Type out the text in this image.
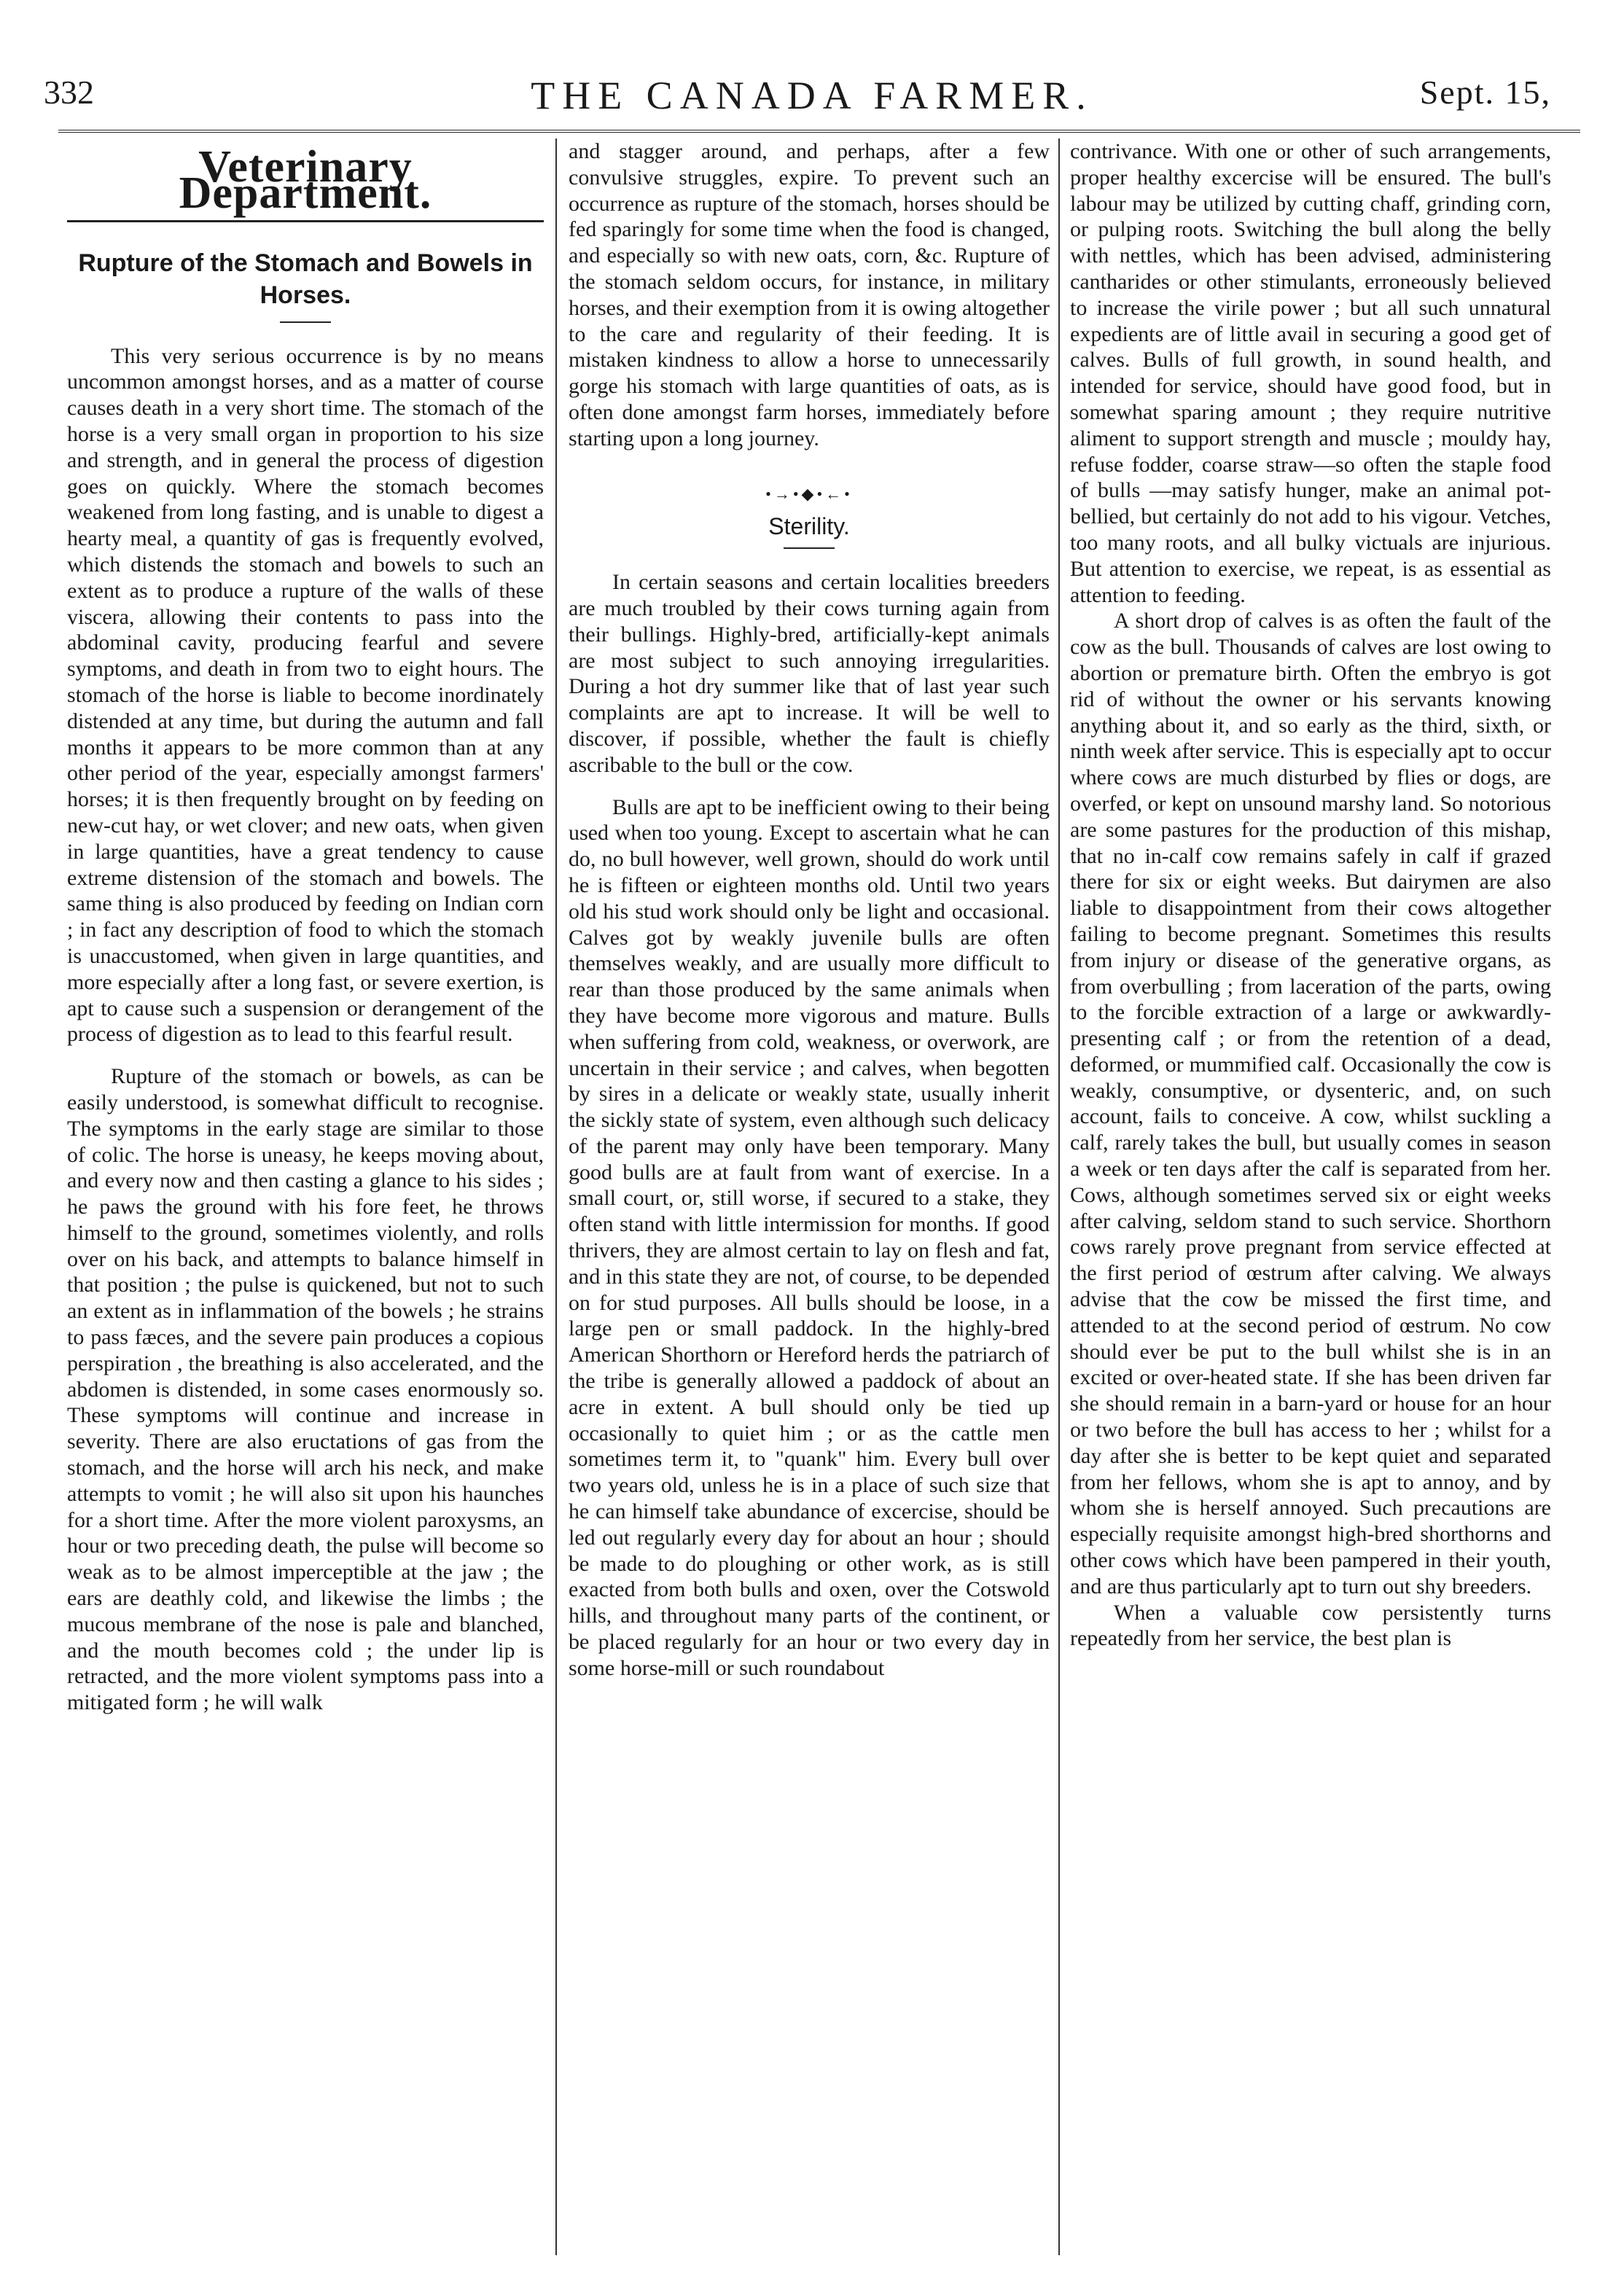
332	THE CANADA FARMER.	Sept. 15,
Veterinary Department.
Rupture of the Stomach and Bowels in Horses.

This very serious occurrence is by no means uncommon amongst horses, and as a matter of course causes death in a very short time. The stomach of the horse is a very small organ in proportion to his size and strength, and in general the process of digestion goes on quickly. Where the stomach becomes weakened from long fasting, and is unable to digest a hearty meal, a quantity of gas is frequently evolved, which distends the stomach and bowels to such an extent as to produce a rupture of the walls of these viscera, allowing their contents to pass into the abdominal cavity, producing fearful and severe symptoms, and death in from two to eight hours. The stomach of the horse is liable to become inordinately distended at any time, but during the autumn and fall months it appears to be more common than at any other period of the year, especially amongst farmers' horses; it is then frequently brought on by feeding on new-cut hay, or wet clover; and new oats, when given in large quantities, have a great tendency to cause extreme distension of the stomach and bowels. The same thing is also produced by feeding on Indian corn ; in fact any description of food to which the stomach is unaccustomed, when given in large quantities, and more especially after a long fast, or severe exertion, is apt to cause such a suspension or derangement of the process of digestion as to lead to this fearful result.

Rupture of the stomach or bowels, as can be easily understood, is somewhat difficult to recognise. The symptoms in the early stage are similar to those of colic. The horse is uneasy, he keeps moving about, and every now and then casting a glance to his sides ; he paws the ground with his fore feet, he throws himself to the ground, sometimes violently, and rolls over on his back, and attempts to balance himself in that position ; the pulse is quickened, but not to such an extent as in inflammation of the bowels ; he strains to pass fæces, and the severe pain produces a copious perspiration , the breathing is also accelerated, and the abdomen is distended, in some cases enormously so. These symptoms will continue and increase in severity. There are also eructations of gas from the stomach, and the horse will arch his neck, and make attempts to vomit ; he will also sit upon his haunches for a short time. After the more violent paroxysms, an hour or two preceding death, the pulse will become so weak as to be almost imperceptible at the jaw ; the ears are deathly cold, and likewise the limbs ; the mucous membrane of the nose is pale and blanched, and the mouth becomes cold ; the under lip is retracted, and the more violent symptoms pass into a mitigated form ; he will walk

and stagger around, and perhaps, after a few convulsive struggles, expire. To prevent such an occurrence as rupture of the stomach, horses should be fed sparingly for some time when the food is changed, and especially so with new oats, corn, &c. Rupture of the stomach seldom occurs, for instance, in military horses, and their exemption from it is owing altogether to the care and regularity of their feeding. It is mistaken kindness to allow a horse to unnecessarily gorge his stomach with large quantities of oats, as is often done amongst farm horses, immediately before starting upon a long journey.

•→•◆•←•
Sterility.

In certain seasons and certain localities breeders are much troubled by their cows turning again from their bullings. Highly-bred, artificially-kept animals are most subject to such annoying irregularities. During a hot dry summer like that of last year such complaints are apt to increase. It will be well to discover, if possible, whether the fault is chiefly ascribable to the bull or the cow.

Bulls are apt to be inefficient owing to their being used when too young. Except to ascertain what he can do, no bull however, well grown, should do work until he is fifteen or eighteen months old. Until two years old his stud work should only be light and occasional. Calves got by weakly juvenile bulls are often themselves weakly, and are usually more difficult to rear than those produced by the same animals when they have become more vigorous and mature. Bulls when suffering from cold, weakness, or overwork, are uncertain in their service ; and calves, when begotten by sires in a delicate or weakly state, usually inherit the sickly state of system, even although such delicacy of the parent may only have been temporary. Many good bulls are at fault from want of exercise. In a small court, or, still worse, if secured to a stake, they often stand with little intermission for months. If good thrivers, they are almost certain to lay on flesh and fat, and in this state they are not, of course, to be depended on for stud purposes. All bulls should be loose, in a large pen or small paddock. In the highly-bred American Shorthorn or Hereford herds the patriarch of the tribe is generally allowed a paddock of about an acre in extent. A bull should only be tied up occasionally to quiet him ; or as the cattle men sometimes term it, to "quank" him. Every bull over two years old, unless he is in a place of such size that he can himself take abundance of excercise, should be led out regularly every day for about an hour ; should be made to do ploughing or other work, as is still exacted from both bulls and oxen, over the Cotswold hills, and throughout many parts of the continent, or be placed regularly for an hour or two every day in some horse-mill or such roundabout

contrivance. With one or other of such arrangements, proper healthy excercise will be ensured. The bull's labour may be utilized by cutting chaff, grinding corn, or pulping roots. Switching the bull along the belly with nettles, which has been advised, administering cantharides or other stimulants, erroneously believed to increase the virile power ; but all such unnatural expedients are of little avail in securing a good get of calves. Bulls of full growth, in sound health, and intended for service, should have good food, but in somewhat sparing amount ; they require nutritive aliment to support strength and muscle ; mouldy hay, refuse fodder, coarse straw—so often the staple food of bulls —may satisfy hunger, make an animal pot-bellied, but certainly do not add to his vigour. Vetches, too many roots, and all bulky victuals are injurious. But attention to exercise, we repeat, is as essential as attention to feeding.

A short drop of calves is as often the fault of the cow as the bull. Thousands of calves are lost owing to abortion or premature birth. Often the embryo is got rid of without the owner or his servants knowing anything about it, and so early as the third, sixth, or ninth week after service. This is especially apt to occur where cows are much disturbed by flies or dogs, are overfed, or kept on unsound marshy land. So notorious are some pastures for the production of this mishap, that no in-calf cow remains safely in calf if grazed there for six or eight weeks. But dairymen are also liable to disappointment from their cows altogether failing to become pregnant. Sometimes this results from injury or disease of the generative organs, as from overbulling ; from laceration of the parts, owing to the forcible extraction of a large or awkwardly-presenting calf ; or from the retention of a dead, deformed, or mummified calf. Occasionally the cow is weakly, consumptive, or dysenteric, and, on such account, fails to conceive. A cow, whilst suckling a calf, rarely takes the bull, but usually comes in season a week or ten days after the calf is separated from her. Cows, although sometimes served six or eight weeks after calving, seldom stand to such service. Shorthorn cows rarely prove pregnant from service effected at the first period of œstrum after calving. We always advise that the cow be missed the first time, and attended to at the second period of œstrum. No cow should ever be put to the bull whilst she is in an excited or over-heated state. If she has been driven far she should remain in a barn-yard or house for an hour or two before the bull has access to her ; whilst for a day after she is better to be kept quiet and separated from her fellows, whom she is apt to annoy, and by whom she is herself annoyed. Such precautions are especially requisite amongst high-bred shorthorns and other cows which have been pampered in their youth, and are thus particularly apt to turn out shy breeders.

When a valuable cow persistently turns repeatedly from her service, the best plan is
